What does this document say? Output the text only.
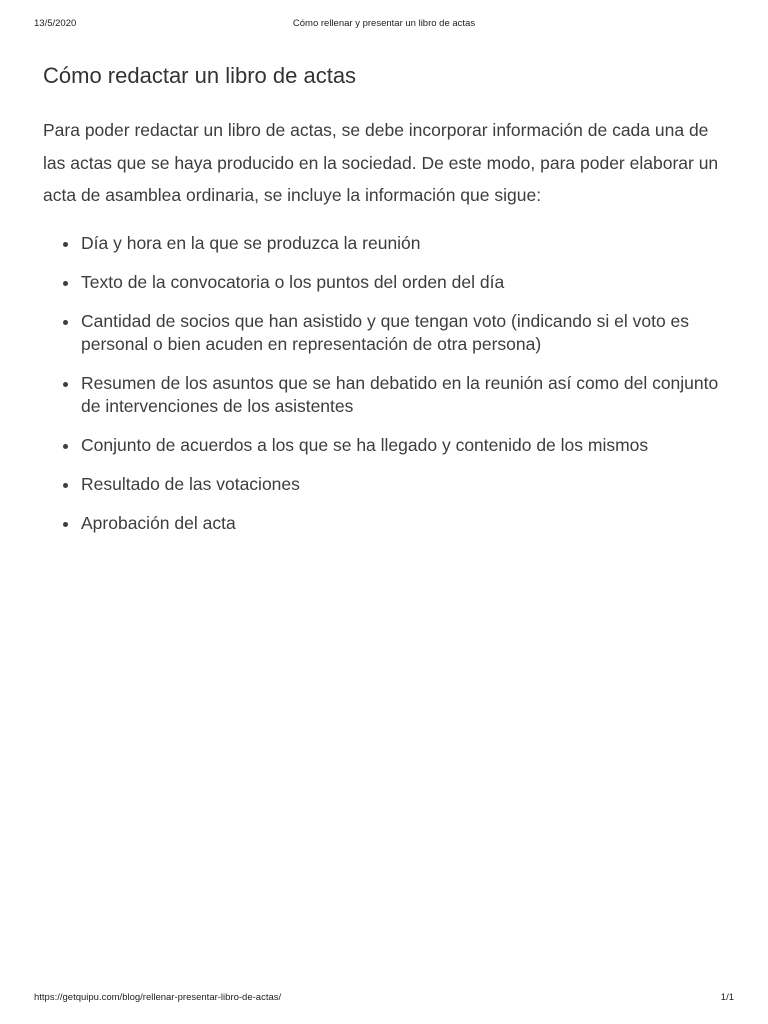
13/5/2020	Cómo rellenar y presentar un libro de actas
Cómo redactar un libro de actas

Para poder redactar un libro de actas, se debe incorporar información de cada una de las actas que se haya producido en la sociedad. De este modo, para poder elaborar un acta de asamblea ordinaria, se incluye la información que sigue:

Día y hora en la que se produzca la reunión
Texto de la convocatoria o los puntos del orden del día
Cantidad de socios que han asistido y que tengan voto (indicando si el voto es personal o bien acuden en representación de otra persona)
Resumen de los asuntos que se han debatido en la reunión así como del conjunto de intervenciones de los asistentes
Conjunto de acuerdos a los que se ha llegado y contenido de los mismos
Resultado de las votaciones
Aprobación del acta
https://getquipu.com/blog/rellenar-presentar-libro-de-actas/	1/1
